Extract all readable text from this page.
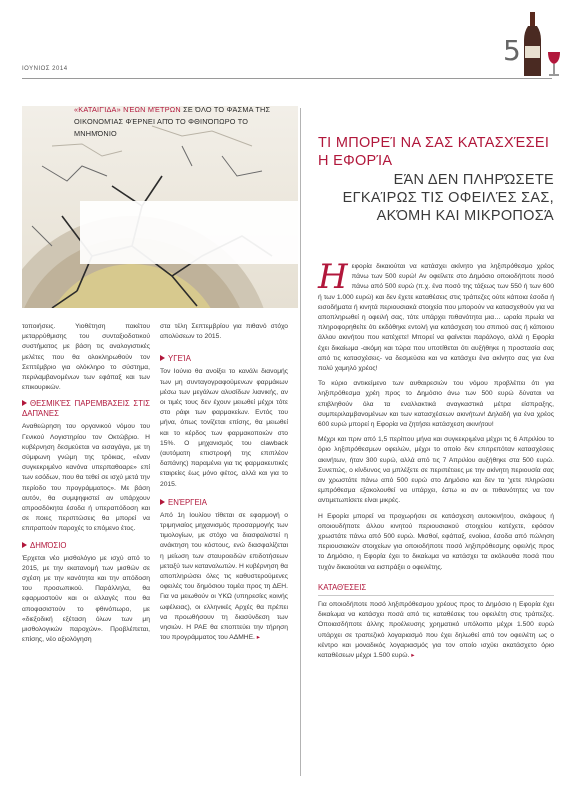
ΙΟΥΝΙΟΣ 2014
5
«ΚΑΤΑΙΓΊΔΑ» ΝΈΩΝ ΜΈΤΡΩΝ ΣΕ ΌΛΟ ΤΟ ΦΆΣΜΑ ΤΗΣ ΟΙΚΟΝΟΜΊΑΣ ΦΈΡΝΕΙ ΑΠΌ ΤΟ ΦΘΙΝΌΠΩΡΟ ΤΟ ΜΝΗΜΌΝΙΟ

τοποιήσεις. Υιοθέτηση πακέτου μεταρρύθμισης του συνταξιοδοτικού συστήματος με βάση τις αναλογιστικές μελέτες που θα ολοκληρωθούν τον Σεπτέμβριο για ολόκληρο το σύστημα, περιλαμβανομένων των εφάπαξ και των επικουρικών.

ΘΕΣΜΙΚΈΣ ΠΑΡΕΜΒΆΣΕΙΣ ΣΤΙΣ ΔΑΠΆΝΕΣ

Αναθεώρηση του οργανικού νόμου του Γενικού Λογιστηρίου τον Οκτώβριο. Η κυβέρνηση δεσμεύεται να εισαγάγει, με τη σύμφωνη γνώμη της τρόικας, «έναν συγκεκριμένο κανόνα υπερπαθοαρε» επί των εσόδων, που θα τεθεί σε ισχύ μετά την περίοδο του προγράμματος». Με βάση αυτόν, θα συμψηφιστεί αν υπάρχουν απροσδόκητα έσοδα ή υπεραπόδοση και σε ποιες περιπτώσεις θα μπορεί να επιτραπούν παροχές το επόμενο έτος.

ΔΗΜΌΣΙΟ

Έρχεται νέο μισθολόγιο με ισχύ από το 2015, με την εκατανομή των μισθών σε σχέση με την κανότητα και την απόδοση του προσωπικού. Παράλληλα, θα εφαρμοστούν και οι αλλαγές που θα αποφασιστούν το φθινόπωρο, με «διεξοδική εξέταση όλων των μη μισθολογικών παροχών». Προβλέπεται, επίσης, νέο αξιολόγηση

στα τέλη Σεπτεμβρίου για πιθανό στόχο απολύσεων το 2015.

ΥΓΕΊΑ

Τον Ιούνιο θα ανοίξει το κανάλι διανομής των μη συνταγογραφούμενων φαρμάκων μέσω των μεγάλων αλυσίδων λιανικής, αν οι τιμές τους δεν έχουν μειωθεί μέχρι τότε στο ράφι των φαρμακείων. Εντός του μήνα, όπως τονίζεται επίσης, θα μειωθεί και το κέρδος των φαρμακοποιών στο 15%. Ο μηχανισμός του clawback (αυτόματη επιστροφή της επιπλέον δαπάνης) παραμένει για τις φαρμακευτικές εταιρείες έως μόνο φέτος, αλλά και για το 2015.

ΕΝΈΡΓΕΙΑ

Από 1η Ιουλίου τίθεται σε εφαρμογή ο τριμηνιαίος μηχανισμός προσαρμογής των τιμολογίων, με στόχο να διασφαλιστεί η ανάκτηση του κόστους, ενώ διασφαλίζεται η μείωση των σταυροειδών επιδοτήσεων μεταξύ των καταναλωτών. Η κυβέρνηση θα αποπληρώσει όλες τις καθυστερούμενες οφειλές του δημόσιου τομέα προς τη ΔΕΗ. Για να μειωθούν οι ΥΚΩ (υπηρεσίες κοινής ωφέλειας), οι ελληνικές Αρχές θα πρέπει να προωθήσουν τη διασύνδεση των νησιών. Η ΡΑΕ θα εποπτεύει την τήρηση του προγράμματος του ΑΔΜΗΕ. ▸

ΤΙ ΜΠΟΡΕΊ ΝΑ ΣΑΣ ΚΑΤΑΣΧΈΣΕΙ Η ΕΦΟΡΊΑ
ΕΆΝ ΔΕΝ ΠΛΗΡΏΣΕΤΕ ΕΓΚΑΊΡΩΣ ΤΙΣ ΟΦΕΙΛΈΣ ΣΑΣ, ΑΚΌΜΗ ΚΑΙ ΜΙΚΡΟΠΟΣΆ

Η εφορία δικαιούται να κατάσχει ακίνητο για ληξιπρόθεσμο χρέος πάνω των 500 ευρώ! Αν οφείλετε στο Δημόσιο οποιοδήποτε ποσό πάνω από 500 ευρώ (π.χ. ένα ποσό της τάξεως των 550 ή των 600 ή των 1.000 ευρώ) και δεν έχετε καταθέσεις στις τράπεζες ούτε κάποια έσοδα ή εισοδήματα ή κινητά περιουσιακά στοιχεία που μπορούν να κατασχεθούν για να αποπληρωθεί η οφειλή σας, τότε υπάρχει πιθανότητα μια… ωραία πρωία να πληροφορηθείτε ότι εκδόθηκε εντολή για κατάσχεση του σπιτιού σας ή κάποιου άλλου ακινήτου που κατέχετε! Μπορεί να φαίνεται παράλογο, αλλά η Εφορία έχει δικαίωμα -ακόμη και τώρα που υποτίθεται ότι αυξήθηκε η προστασία σας από τις κατασχέσεις- να δεσμεύσει και να κατάσχει ένα ακίνητο σας για ένα πολύ χαμηλό χρέος!

Το κύριο αντικείμενο των αυθαιρεσιών του νόμου προβλέπει ότι για ληξιπρόθεσμα χρέη προς το Δημόσιο άνω των 500 ευρώ δύναται να επιβληθούν όλα τα εναλλακτικά αναγκαστικά μέτρα είσπραξης, συμπεριλαμβανομένων και των κατασχέσεων ακινήτων! Δηλαδή για ένα χρέος 600 ευρώ μπορεί η Εφορία να ζητήσει κατάσχεση ακινήτου!

Μέχρι και πριν από 1,5 περίπου μήνα και συγκεκριμένα μέχρι τις 6 Απριλίου το όριο ληξιπρόθεσμων οφειλών, μέχρι το οποίο δεν επιτρεπόταν κατασχέσεις ακινήτων, ήταν 300 ευρώ, αλλά από τις 7 Απριλίου αυξήθηκε στα 500 ευρώ. Συνεπώς, ο κίνδυνος να μπλέξετε σε περιπέτειες με την ακίνητη περιουσία σας αν χρωστάτε πάνω από 500 ευρώ στο Δημόσιο και δεν τα 'χετε πληρώσει εμπρόθεσμα εξακολουθεί να υπάρχει, έστω κι αν οι πιθανότητες να τον αντιμετωπίσετε είναι μικρές.

Η Εφορία μπορεί να προχωρήσει σε κατάσχεση αυτοκινήτου, σκάφους ή οποιουδήποτε άλλου κινητού περιουσιακού στοιχείου κατέχετε, εφόσον χρωστάτε πάνω από 500 ευρώ. Μισθοί, εφάπαξ, ενοίκια, έσοδα από πώληση περιουσιακών στοιχείων για οποιοδήποτε ποσό ληξιπρόθεσμης οφειλής προς το Δημόσιο, η Εφορία έχει το δικαίωμα να κατάσχει τα ακόλουθα ποσά που τυχόν δικαιούται να εισπράξει ο οφειλέτης.

ΚΑΤΑΘΈΣΕΙΣ

Για οποιοδήποτε ποσό ληξιπρόθεσμου χρέους προς το Δημόσιο η Εφορία έχει δικαίωμα να κατάσχει ποσά από τις καταθέσεις του οφειλέτη στις τράπεζες. Οποιασδήποτε άλλης προέλευσης χρηματικό υπόλοιπο μέχρι 1.500 ευρώ υπάρχει σε τραπεζικό λογαριασμό που έχει δηλωθεί από τον οφειλέτη ως ο κέντρο και μοναδικός λογαριασμός για τον οποίο ισχύει ακατάσχετο όριο καταθέσεων μέχρι 1.500 ευρώ. ▸
